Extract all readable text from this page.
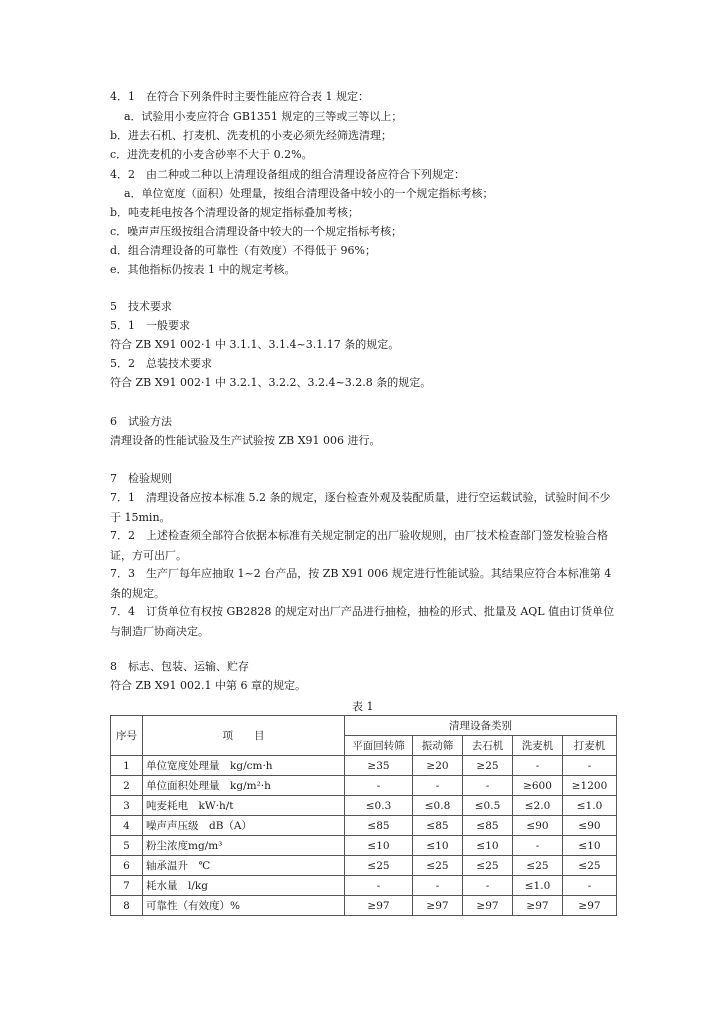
4．1　在符合下列条件时主要性能应符合表 1 规定：
a．试验用小麦应符合 GB1351 规定的三等或三等以上；
b．进去石机、打麦机、洗麦机的小麦必须先经筛选清理；
c．进洗麦机的小麦含砂率不大于 0.2%。
4．2　由二种或二种以上清理设备组成的组合清理设备应符合下列规定：
a．单位宽度（面积）处理量，按组合清理设备中较小的一个规定指标考核；
b．吨麦耗电按各个清理设备的规定指标叠加考核；
c．噪声声压级按组合清理设备中较大的一个规定指标考核；
d．组合清理设备的可靠性（有效度）不得低于 96%；
e．其他指标仍按表 1 中的规定考核。
5　技术要求
5．1　一般要求
符合 ZB X91 002·1 中 3.1.1、3.1.4~3.1.17 条的规定。
5．2　总装技术要求
符合 ZB X91 002·1 中 3.2.1、3.2.2、3.2.4~3.2.8 条的规定。
6　试验方法
清理设备的性能试验及生产试验按 ZB X91 006 进行。
7　检验规则
7．1　清理设备应按本标准 5.2 条的规定，逐台检查外观及装配质量，进行空运载试验，试验时间不少于 15min。
7．2　上述检查须全部符合依据本标准有关规定制定的出厂验收规则，由厂技术检查部门签发检验合格证，方可出厂。
7．3　生产厂每年应抽取 1~2 台产品，按 ZB X91 006 规定进行性能试验。其结果应符合本标准第 4 条的规定。
7．4　订货单位有权按 GB2828 的规定对出厂产品进行抽检，抽检的形式、批量及 AQL 值由订货单位与制造厂协商决定。
8　标志、包装、运输、贮存
符合 ZB X91 002.1 中第 6 章的规定。
表 1
序号	项　　目	清理设备类别				
		平面回转筛	振动筛	去石机	洗麦机	打麦机
1	单位宽度处理量　kg/cm·h	≥35	≥20	≥25	-	-
2	单位面积处理量　kg/m²·h	-	-	-	≥600	≥1200
3	吨麦耗电　kW·h/t	≤0.3	≤0.8	≤0.5	≤2.0	≤1.0
4	噪声声压级　dB（A）	≤85	≤85	≤85	≤90	≤90
5	粉尘浓度mg/m³	≤10	≤10	≤10	-	≤10
6	轴承温升　℃	≤25	≤25	≤25	≤25	≤25
7	耗水量　l/kg	-	-	-	≤1.0	-
8	可靠性（有效度）%	≥97	≥97	≥97	≥97	≥97
